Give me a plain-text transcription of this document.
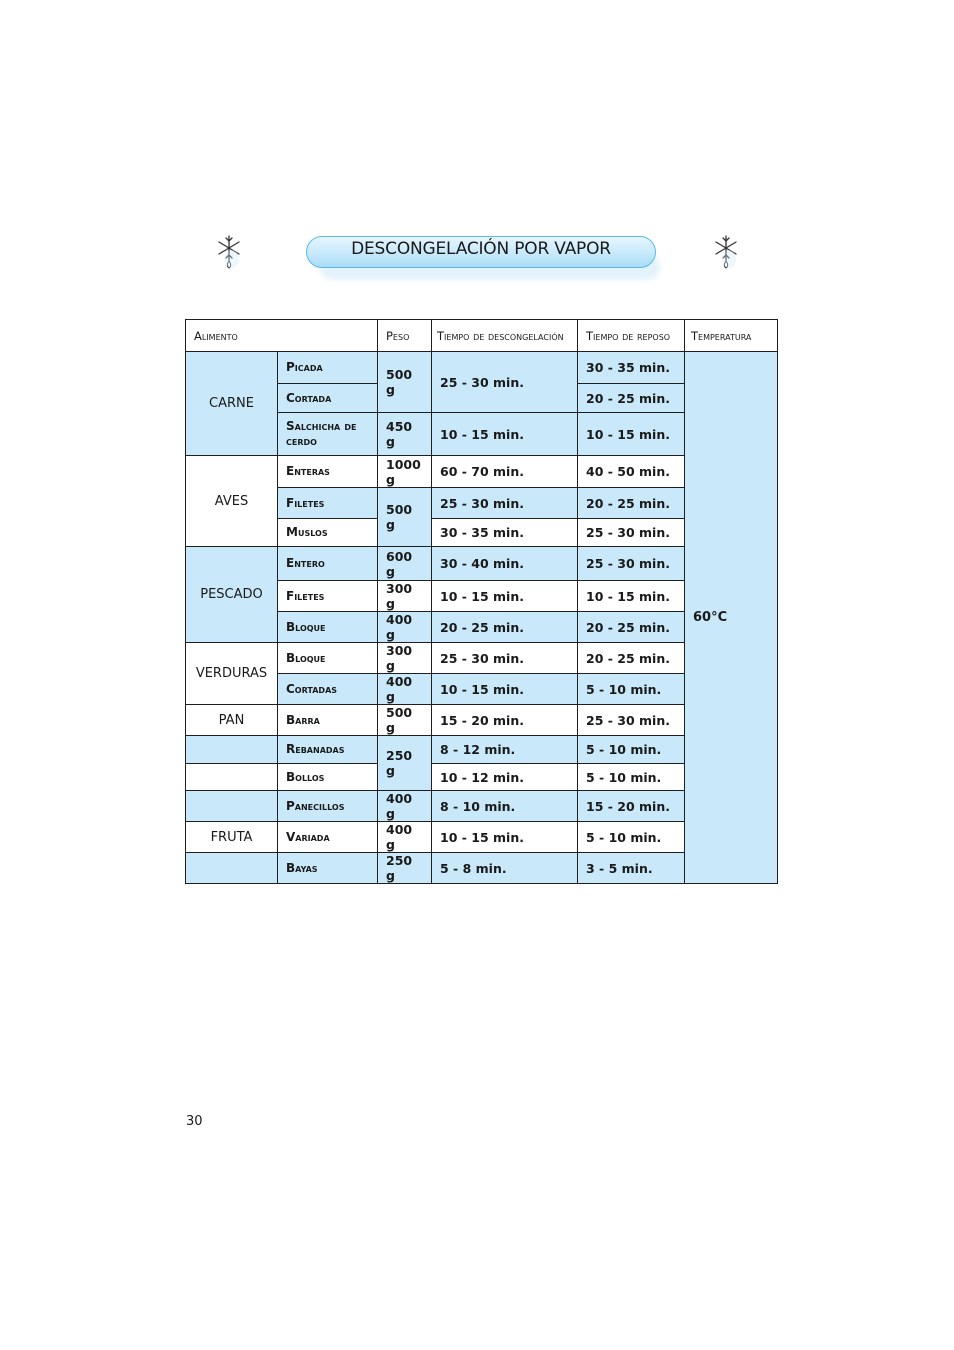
DESCONGELACIÓN POR VAPOR
Alimento		Peso	Tiempo de descongelación	Tiempo de reposo	Temperatura
CARNE	Picada	500 g	25 - 30 min.	30 - 35 min.	60°C
	Cortada			20 - 25 min.	
	Salchicha de cerdo	450 g	10 - 15 min.	10 - 15 min.	
AVES	Enteras	1000 g	60 - 70 min.	40 - 50 min.	
	Filetes	500 g	25 - 30 min.	20 - 25 min.	
	Muslos		30 - 35 min.	25 - 30 min.	
PESCADO	Entero	600 g	30 - 40 min.	25 - 30 min.	
	Filetes	300 g	10 - 15 min.	10 - 15 min.	
	Bloque	400 g	20 - 25 min.	20 - 25 min.	
VERDURAS	Bloque	300 g	25 - 30 min.	20 - 25 min.	
	Cortadas	400 g	10 - 15 min.	5 - 10 min.	
PAN	Barra	500 g	15 - 20 min.	25 - 30 min.	
	Rebanadas	250 g	8 - 12 min.	5 - 10 min.	
	Bollos		10 - 12 min.	5 - 10 min.	
	Panecillos	400 g	8 - 10 min.	15 - 20 min.	
FRUTA	Variada	400 g	10 - 15 min.	5 - 10 min.	
	Bayas	250 g	5 - 8 min.	3 - 5 min.	
30
